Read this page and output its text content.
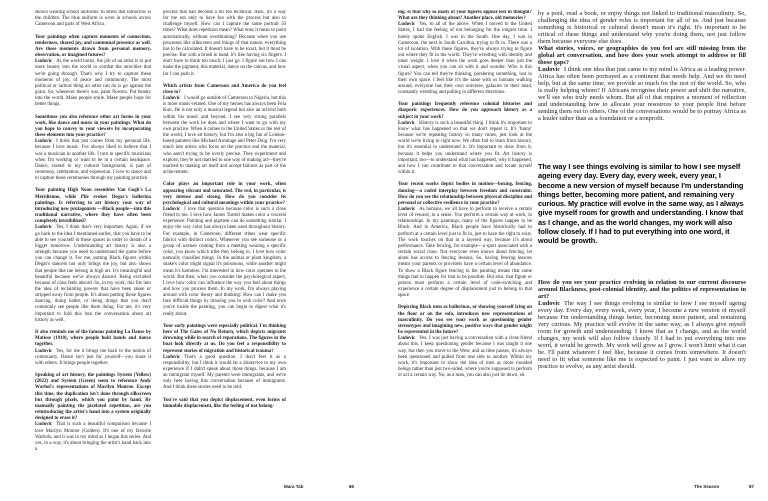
shown wearing school uniforms: to stress that tomorrow is the children. The blue uniform is worn in schools across Cameroon and parts of West Africa.

Your paintings often capture moments of connection, tenderness, shared joy, and communal presence as well. Are these moments drawn from personal memory, observation, or imagined futures?

Ludovic As the world burns, the job of an artist is to put more beauty into the world to combat the atrocities that we're going through. That's why I try to capture these moments of joy, of peace and community. The most political or radical thing an artist can do is go against the grain. So, whenever there's war, paint flowers. Put beauty into the world. Make people smile. Make people hope for better things.

Sometimes you also reference other art forms in your work, like dance and music in your paintings. What do you hope to convey to your viewers by incorporating these elements into your practice?

Ludovic I think that just comes from my personal life, because I love music. I've always liked to believe that I was a musician in another life. I turn to specific musicians when I'm working or want to be in a certain headspace. Dance, rooted in my cultural background, is part of ceremony, celebration, and expression. I love to dance and to capture these ceremonies through my painting practice.

Your painting High Noon resembles Van Gogh's La Méridienne, while Plié evokes Degas's ballerina paintings. Is referring to art history your way of introducing new protagonists —Black people—into this traditional narrative, where they have often been completely invisibilized?

Ludovic Yes, I think that's very important. Again, if we go back to the idea I mentioned earlier, that you have to be able to see yourself in these spaces in order to dream of a bigger tomorrow. Understanding art history is also a strength because you need to understand the game before you can change it. For me, putting Black figures within Degas's dancers not only brings me joy, but also shows that people like me belong in high art. It's meaningful and beautiful because we've always danced. Being excluded because of class feels absurd. So, in my work, this fits into the idea of reclaiming powers that have been taken or stripped away from people. It's about putting those figures dancing, doing ballet, or doing things that you don't commonly see people like them doing. For me, it's very important to fold this into the conversation about art history as well.

It also reminds me of the famous painting La Danse by Matisse (1910), where people hold hands and dance together.

Ludovic Yes, for me it brings me back to the notion of community. Dance isn't just for yourself—you share it with others. It brings people together.

Speaking of art history, the paintings System (Yellow) (2022) and System (Green) seem to reference Andy Warhol's representations of Marilyn Monroe. Except this time, the duplication isn't done through silkscreen but through pixels, which you paint by hand. By manually painting the pixelated repetition, are you reintroducing the artist's hand into a system originally designed to erase it?

Ludovic That is such a beautiful comparison because I love Marilyn Monroe (Golden). It's one of my favorite Warhols, and it was in my mind as I began this series. And yes, in a way, it's about bringing the artist's hand back into a

process that had become a bit too technical. Also, it's a way for me not only to have fun with the process but also to challenge myself. How can I capture the same portrait 50 times? What does repetition mean? What does it mean to paint automatically, without overthinking? Because when you use processes like silkscreen and things of that nature, everything has to be calculated. It doesn't have to be exact, but it must be precise. But with a brush in hand, it's like having six fingers. I don't have to think too much; I just go. I figure out how I can make the pigment, this material, dance on the canvas, and how far I can push it.

Which artists from Cameroon and America do you feel close to?

Ludovic I would go outside of Cameroon to Nigeria, but this is more music-related. One of my heroes has always been Fela Kuti. He is not only a musical legend but also an activist both within his music and beyond. I see very strong parallels between the work he does and where I want to go with my own practice. When it comes to the United States or the rest of the world, I love art history, but I'm also a big fan of London-based painters like Michael Armitage and Peter Doig. I'm very much into artists who focus on the practice and the material, who aren't trying to be overly precise. They experiment and explore; they're not married to one way of making art—they're married to making art itself and accept failures as part of the achievement.

Color plays an important role in your work, often appearing vibrant and saturated. The red, in particular, is very intense and strong. How do you consider its psychological and cultural meanings within your practice?

Ludovic I love that question because color is such a close friend to me. I love how James Turrell makes color a visceral experience. Painting and pigment can do something similar. I enjoy the way color has always been used throughout history. For example, in Cameroon, different tribes wear specific fabrics with distinct colors. Whenever you see someone or a group of women coming from a meeting wearing a specific color, you know which tribe they belong to. I love how color naturally classifies things. In the animal or plant kingdom, a snake's color might signal it's poisonous, while another might mean it's harmless. I'm interested in how color operates in the world. But then, when you consider the psychological aspect, I love how color can influence the way you feel about things and how you process them. In my work, I'm always playing around with color theory and thinking: How can I make you face difficult things by drawing you in with color? And once you're inside the painting, you can begin to digest what it's really about.

Your early paintings were especially political. I'm thinking here of The Gates of No Return, which depicts migrants drowning while in search of reparations. The figures in the boat look directly at us. Do you feel a responsibility to represent stories of migration and historical trauma?

Ludovic That's a good question. I don't feel it as a responsibility, but I think it would be a disservice to my own experience if I didn't speak about those things, because I am an immigrant myself. My parents were immigrants, and we're only here having this conversation because of immigrants. And I think these stories need to be told.

You've said that you depict displacement, even forms of immobile displacement, like the feeling of not belong-

ing. Is that why so many of your figures appear lost in thought? What are they thinking about? Another place, old memories?

Ludovic Yes, to all of the above. When I moved to the United States, I had the feeling of not belonging for the longest time. I barely spoke English. I was in the South. One day, I was in Cameroon, the next in South Carolina, trying to fit in. There was a lot of isolation. With these figures, they're always trying to figure out where they fit in the world. They're wrestling with identity and inner weight. I love it when the work goes deeper than just the visual aspect, when you can sit with it and wonder: Who is this figure? You can tell they're thinking, pondering something, lost in their own space. I feel like it's the same with us humans walking around, everyone has their own universe, galaxies in their head, constantly wrestling and pulling in different directions.

Your paintings frequently reference colonial histories and diasporic experiences. How do you approach history as a subject in your work?

Ludovic History is such a beautiful thing. I think it's important to know what has happened so that we don't repeat it. It's 'funny' because we're repeating history so many times, just look at the world we're living in right now. We often fail to learn from history, but it's essential to understand it. It's important to draw from it, because it helps you understand where you fit. Art history is important, too—to understand what has happened, why it happened, and how I can contribute to that conversation and locate myself within it.

Your recent works depict bodies in motion—boxing, fencing, dancing—a coded interplay between freedom and constraint. How do you see the relationship between physical discipline and personal or collective resilience in your practice?

Ludovic As humans, we all have to perform to receive a certain level of reward, in a sense. You perform a certain way at work, in relationships. In my paintings, many of the figures happen to be Black. And in America, Black people have historically had to perform at a certain level just to fit in, just to have the right to exist. The work touches on that in a layered way, because it's about performance. Take fencing, for example—a sport associated with a certain social class. Not everyone even knows about fencing, let alone has access to fencing lessons. So, having fencing lessons means your parents or providers have a certain level of abundance. To show a Black figure fencing in the painting means that some things had to happen for that to be possible. But also, that figure or person must perform a certain level of code-switching and experience a certain degree of displacement just to belong in that space.

Depicting Black men as ballerinas, or showing yourself lying on the floor or on the sofa, introduces new representations of masculinity. Do you see your work as questioning gender stereotypes and imagining new, positive ways that gender might be represented in the future?

Ludovic Yes. I was just having a conversation with a close friend about this. I keep questioning gender because I was taught it one way, but then you move to the West, and as time passes, it's always been questioned and pulled from one side to another. Within my work, it's important to show the idea of men as more rounded beings rather than just two-sided, where you're supposed to perform or act a certain way. No, as a man, you can also just lie down, sit

by a pool, read a book, or enjoy things not linked to traditional masculinity. So, challenging the idea of gender roles is important for all of us. And just because something is historical or cultural doesn't mean it's right. It's important to be critical of these things and understand why you're doing them, not just follow them because everyone else does.

What stories, voices, or geographies do you feel are still missing from the global art conversation, and how does your work attempt to address or fill those gaps?

Ludovic I think one idea that just came to my mind is Africa as a leading power. Africa has often been portrayed as a continent that needs help. And we do need help, but at the same time, we provide so much for the rest of the world. So, who is really helping whom? If Africans recognise their power and shift the narrative, we'll see who truly needs whom. But all of that requires a moment of reflection and understanding how to allocate your resources to your people first before sending them out to others. One of the conversations would be to portray Africa as a leader rather than as a foundation or a nonprofit.

The way I see things evolving is similar to how I see myself ageing every day. Every day, every week, every year, I become a new version of myself because I'm understanding things better, becoming more patient, and remaining very curious. My practice will evolve in the same way, as I always give myself room for growth and understanding. I know that as I change, and as the world changes, my work will also follow closely. If I had to put everything into one word, it would be growth.

How do you see your practice evolving in relation to our current discourse around Blackness, post-colonial identity, and the politics of representation in art?

Ludovic The way I see things evolving is similar to how I see myself ageing every day. Every day, every week, every year, I become a new version of myself because I'm understanding things better, becoming more patient, and remaining very curious. My practice will evolve in the same way, as I always give myself room for growth and understanding. I know that as I change, and as the world changes, my work will also follow closely. If I had to put everything into one word, it would be growth. My work will grow as I grow. I won't limit what it can be. I'll paint whatever I feel like, because it comes from somewhere. It doesn't need to fit what someone like me is expected to paint. I just want to allow my practice to evolve, as any artist should.

Mara Tab	86	The Season	87
